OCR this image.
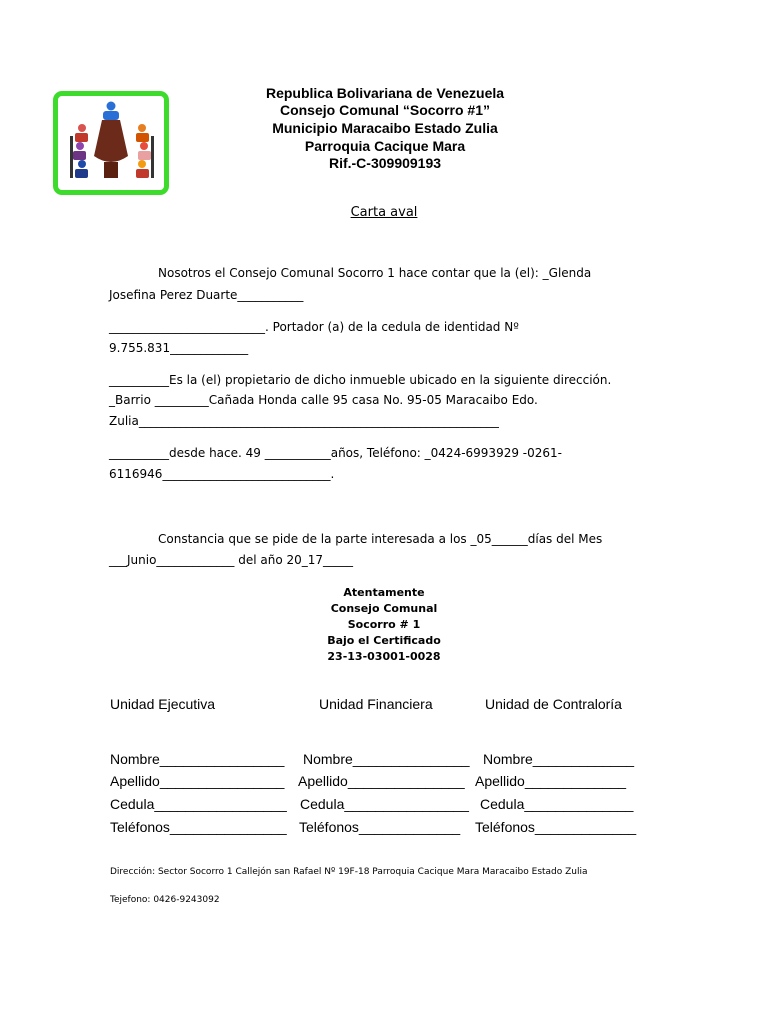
Republica Bolivariana de Venezuela
Consejo Comunal “Socorro #1”
Municipio Maracaibo Estado Zulia
Parroquia Cacique Mara
Rif.-C-309909193
Carta aval
Nosotros el Consejo Comunal Socorro 1 hace contar que la (el): _Glenda
Josefina Perez Duarte___________
__________________________. Portador (a) de la cedula de identidad Nº
9.755.831_____________
__________Es la (el) propietario de dicho inmueble ubicado en la siguiente dirección.
_Barrio _________Cañada Honda calle 95 casa No. 95-05 Maracaibo Edo.
Zulia____________________________________________________________
__________desde hace. 49 ___________años, Teléfono: _0424-6993929 -0261-
6116946____________________________.
Constancia que se pide de la parte interesada a los _05______días del Mes
___Junio_____________ del año 20_17_____
Atentamente
Consejo Comunal
Socorro # 1
Bajo el Certificado
23-13-03001-0028
Unidad Ejecutiva	Unidad Financiera	Unidad de Contraloría
Nombre________________
Apellido________________
Cedula_________________
Teléfonos_______________
Nombre_______________
Apellido_______________
Cedula________________
Teléfonos_____________
Nombre_____________
Apellido_____________
Cedula______________
Teléfonos_____________
Dirección: Sector Socorro 1 Callejón san Rafael Nº 19F-18 Parroquia Cacique Mara Maracaibo Estado Zulia
Tejefono: 0426-9243092
